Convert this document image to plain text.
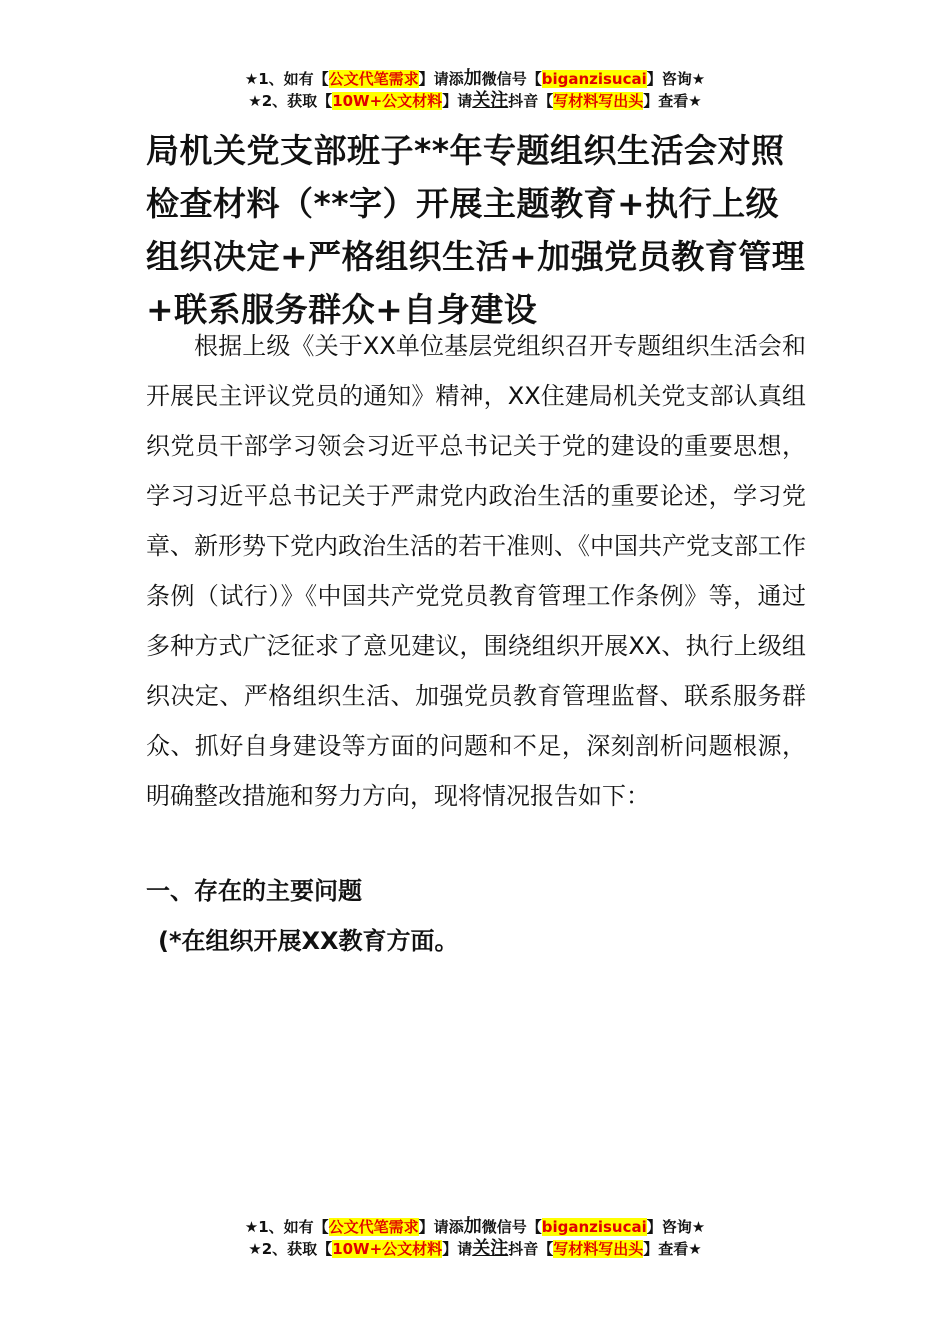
★1、如有【公文代笔需求】请添加微信号【biganzisucai】咨询★
★2、获取【10W+公文材料】请关注抖音【写材料写出头】查看★
局机关党支部班子**年专题组织生活会对照检查材料（**字）开展主题教育+执行上级组织决定+严格组织生活+加强党员教育管理+联系服务群众+自身建设

根据上级《关于XX单位基层党组织召开专题组织生活会和开展民主评议党员的通知》精神，XX住建局机关党支部认真组织党员干部学习领会习近平总书记关于党的建设的重要思想，学习习近平总书记关于严肃党内政治生活的重要论述，学习党章、新形势下党内政治生活的若干准则、《中国共产党支部工作条例（试行）》《中国共产党党员教育管理工作条例》等，通过多种方式广泛征求了意见建议，围绕组织开展XX、执行上级组织决定、严格组织生活、加强党员教育管理监督、联系服务群众、抓好自身建设等方面的问题和不足，深刻剖析问题根源，明确整改措施和努力方向，现将情况报告如下：

一、存在的主要问题

(*在组织开展XX教育方面。

★1、如有【公文代笔需求】请添加微信号【biganzisucai】咨询★
★2、获取【10W+公文材料】请关注抖音【写材料写出头】查看★
